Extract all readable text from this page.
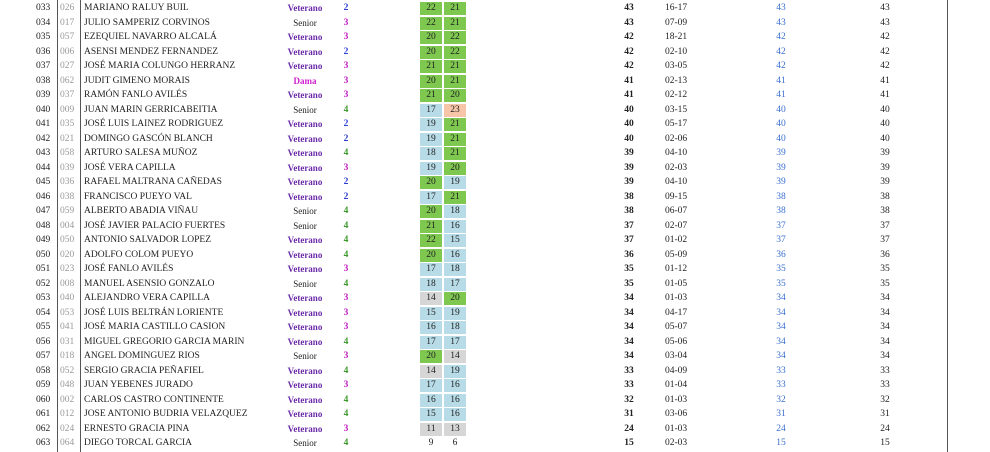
033	026	MARIANO RALUY BUIL	Veterano	2	22	21	43	16-17	43	43
034	017	JULIO SAMPERIZ CORVINOS	Senior	3	22	21	43	07-09	43	43
035	057	EZEQUIEL NAVARRO ALCALÁ	Veterano	3	20	22	42	18-21	42	42
036	006	ASENSI MENDEZ FERNANDEZ	Veterano	2	20	22	42	02-10	42	42
037	027	JOSÉ MARIA COLUNGO HERRANZ	Veterano	3	21	21	42	03-05	42	42
038	062	JUDIT GIMENO MORAIS	Dama	3	20	21	41	02-13	41	41
039	037	RAMÓN FANLO AVILÉS	Veterano	3	21	20	41	02-12	41	41
040	009	JUAN MARIN GERRICABEITIA	Senior	4	17	23	40	03-15	40	40
041	035	JOSÉ LUIS LAINEZ RODRIGUEZ	Veterano	2	19	21	40	05-17	40	40
042	021	DOMINGO GASCÓN BLANCH	Veterano	2	19	21	40	02-06	40	40
043	058	ARTURO SALESA MUÑOZ	Veterano	4	18	21	39	04-10	39	39
044	039	JOSÉ VERA CAPILLA	Veterano	3	19	20	39	02-03	39	39
045	036	RAFAEL MALTRANA CAÑEDAS	Veterano	2	20	19	39	04-10	39	39
046	038	FRANCISCO PUEYO VAL	Veterano	2	17	21	38	09-15	38	38
047	059	ALBERTO ABADIA VIÑAU	Senior	4	20	18	38	06-07	38	38
048	004	JOSÉ JAVIER PALACIO FUERTES	Senior	4	21	16	37	02-07	37	37
049	050	ANTONIO SALVADOR LOPEZ	Veterano	4	22	15	37	01-02	37	37
050	020	ADOLFO COLOM PUEYO	Veterano	4	20	16	36	05-09	36	36
051	023	JOSÉ FANLO AVILÉS	Veterano	3	17	18	35	01-12	35	35
052	008	MANUEL ASENSIO GONZALO	Senior	4	18	17	35	01-05	35	35
053	040	ALEJANDRO VERA CAPILLA	Veterano	3	14	20	34	01-03	34	34
054	053	JOSÉ LUIS BELTRÁN LORIENTE	Veterano	3	15	19	34	04-17	34	34
055	041	JOSÉ MARIA CASTILLO CASION	Veterano	3	16	18	34	05-07	34	34
056	031	MIGUEL GREGORIO GARCIA MARIN	Veterano	4	17	17	34	05-06	34	34
057	018	ANGEL DOMINGUEZ RIOS	Senior	3	20	14	34	03-04	34	34
058	052	SERGIO GRACIA PEÑAFIEL	Veterano	4	14	19	33	04-09	33	33
059	048	JUAN YEBENES JURADO	Veterano	3	17	16	33	01-04	33	33
060	002	CARLOS CASTRO CONTINENTE	Veterano	4	16	16	32	01-03	32	32
061	012	JOSE ANTONIO BUDRIA VELAZQUEZ	Veterano	4	15	16	31	03-06	31	31
062	024	ERNESTO GRACIA PINA	Veterano	3	11	13	24	01-03	24	24
063	064	DIEGO TORCAL GARCIA	Senior	4	9	6	15	02-03	15	15
